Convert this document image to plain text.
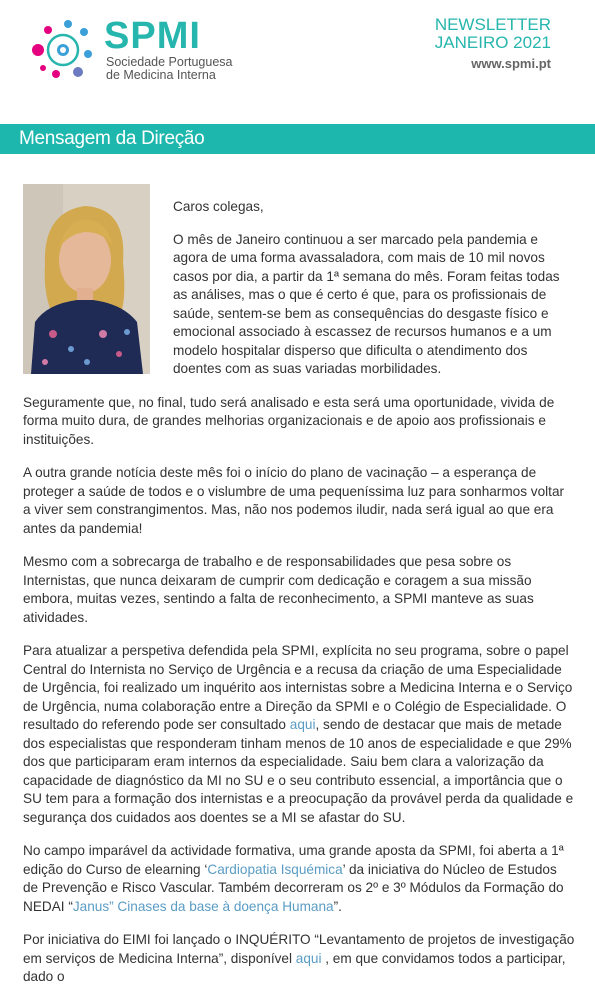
SPMI
Sociedade Portuguesa
de Medicina Interna
NEWSLETTER
JANEIRO 2021
www.spmi.pt
Mensagem da Direção

Caros colegas,

O mês de Janeiro continuou a ser marcado pela pandemia e agora de uma forma avassaladora, com mais de 10 mil novos casos por dia, a partir da 1ª semana do mês. Foram feitas todas as análises, mas o que é certo é que, para os profissionais de saúde, sentem-se bem as consequências do desgaste físico e emocional associado à escassez de recursos humanos e a um modelo hospitalar disperso que dificulta o atendimento dos doentes com as suas variadas morbilidades.

Seguramente que, no final, tudo será analisado e esta será uma oportunidade, vivida de forma muito dura, de grandes melhorias organizacionais e de apoio aos profissionais e instituições.

A outra grande notícia deste mês foi o início do plano de vacinação – a esperança de proteger a saúde de todos e o vislumbre de uma pequeníssima luz para sonharmos voltar a viver sem constrangimentos. Mas, não nos podemos iludir, nada será igual ao que era antes da pandemia!

Mesmo com a sobrecarga de trabalho e de responsabilidades que pesa sobre os Internistas, que nunca deixaram de cumprir com dedicação e coragem a sua missão embora, muitas vezes, sentindo a falta de reconhecimento, a SPMI manteve as suas atividades.

Para atualizar a perspetiva defendida pela SPMI, explícita no seu programa, sobre o papel Central do Internista no Serviço de Urgência e a recusa da criação de uma Especialidade de Urgência, foi realizado um inquérito aos internistas sobre a Medicina Interna e o Serviço de Urgência, numa colaboração entre a Direção da SPMI e o Colégio de Especialidade. O resultado do referendo pode ser consultado aqui, sendo de destacar que mais de metade dos especialistas que responderam tinham menos de 10 anos de especialidade e que 29% dos que participaram eram internos da especialidade. Saiu bem clara a valorização da capacidade de diagnóstico da MI no SU e o seu contributo essencial, a importância que o SU tem para a formação dos internistas e a preocupação da provável perda da qualidade e segurança dos cuidados aos doentes se a MI se afastar do SU.

No campo imparável da actividade formativa, uma grande aposta da SPMI, foi aberta a 1ª edição do Curso de elearning ‘Cardiopatia Isquémica’ da iniciativa do Núcleo de Estudos de Prevenção e Risco Vascular. Também decorreram os 2º e 3º Módulos da Formação do NEDAI “Janus” Cinases da base à doença Humana”.

Por iniciativa do EIMI foi lançado o INQUÉRITO “Levantamento de projetos de investigação em serviços de Medicina Interna”, disponível aqui , em que convidamos todos a participar, dado o
